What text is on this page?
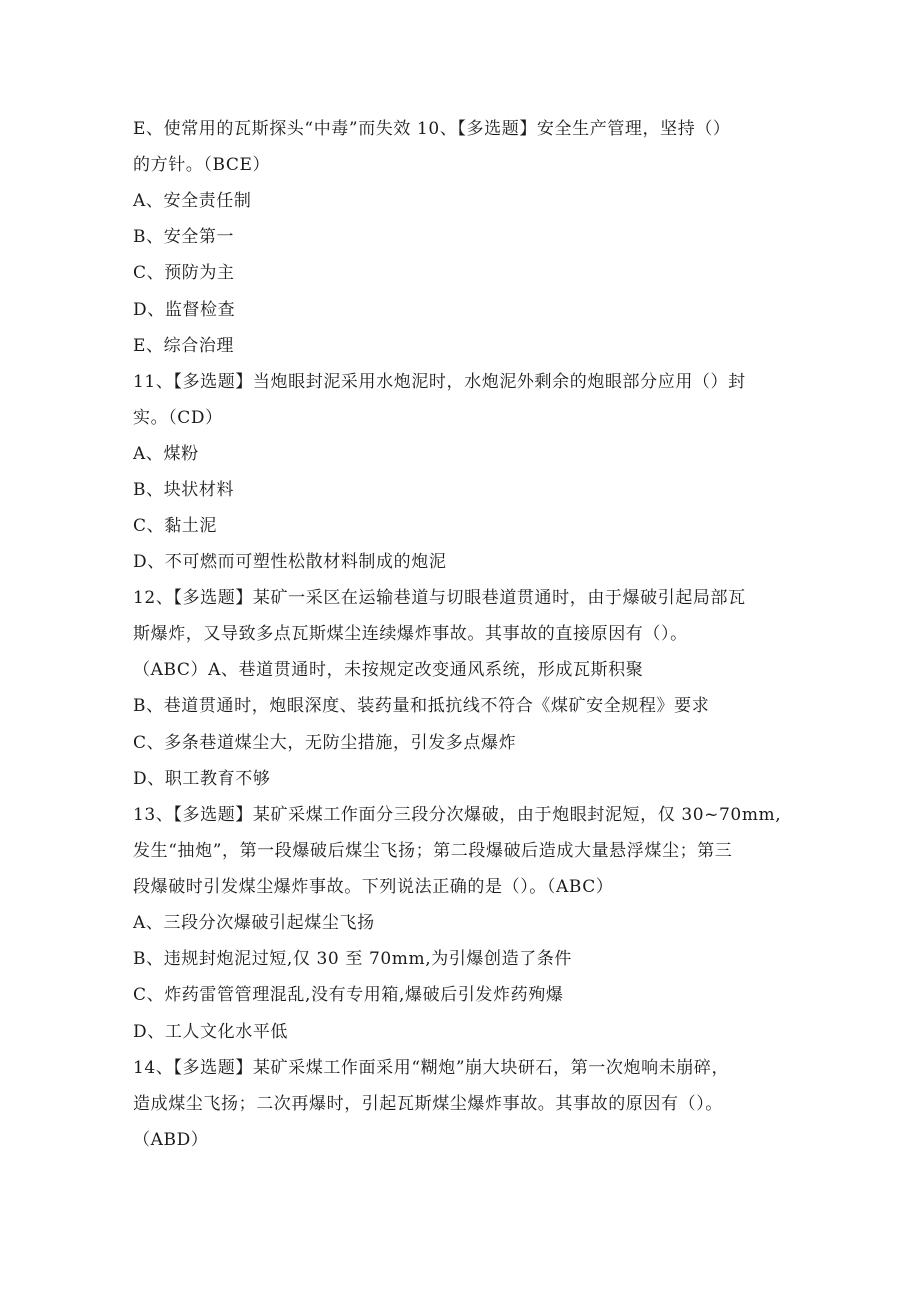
E、使常用的瓦斯探头“中毒”而失效 10、【多选题】安全生产管理，坚持（）
的方针。（BCE）
A、安全责任制
B、安全第一
C、预防为主
D、监督检查
E、综合治理
11、【多选题】当炮眼封泥采用水炮泥时，水炮泥外剩余的炮眼部分应用（）封
实。（CD）
A、煤粉
B、块状材料
C、黏土泥
D、不可燃而可塑性松散材料制成的炮泥
12、【多选题】某矿一采区在运输巷道与切眼巷道贯通时，由于爆破引起局部瓦
斯爆炸，又导致多点瓦斯煤尘连续爆炸事故。其事故的直接原因有（）。
（ABC）A、巷道贯通时，未按规定改变通风系统，形成瓦斯积聚
B、巷道贯通时，炮眼深度、装药量和抵抗线不符合《煤矿安全规程》要求
C、多条巷道煤尘大，无防尘措施，引发多点爆炸
D、职工教育不够
13、【多选题】某矿采煤工作面分三段分次爆破，由于炮眼封泥短，仅 30~70mm,
发生“抽炮”，第一段爆破后煤尘飞扬；第二段爆破后造成大量悬浮煤尘；第三
段爆破时引发煤尘爆炸事故。下列说法正确的是（）。（ABC）
A、三段分次爆破引起煤尘飞扬
B、违规封炮泥过短,仅 30 至 70mm,为引爆创造了条件
C、炸药雷管管理混乱,没有专用箱,爆破后引发炸药殉爆
D、工人文化水平低
14、【多选题】某矿采煤工作面采用“糊炮”崩大块研石，第一次炮响未崩碎，
造成煤尘飞扬；二次再爆时，引起瓦斯煤尘爆炸事故。其事故的原因有（）。
（ABD）
